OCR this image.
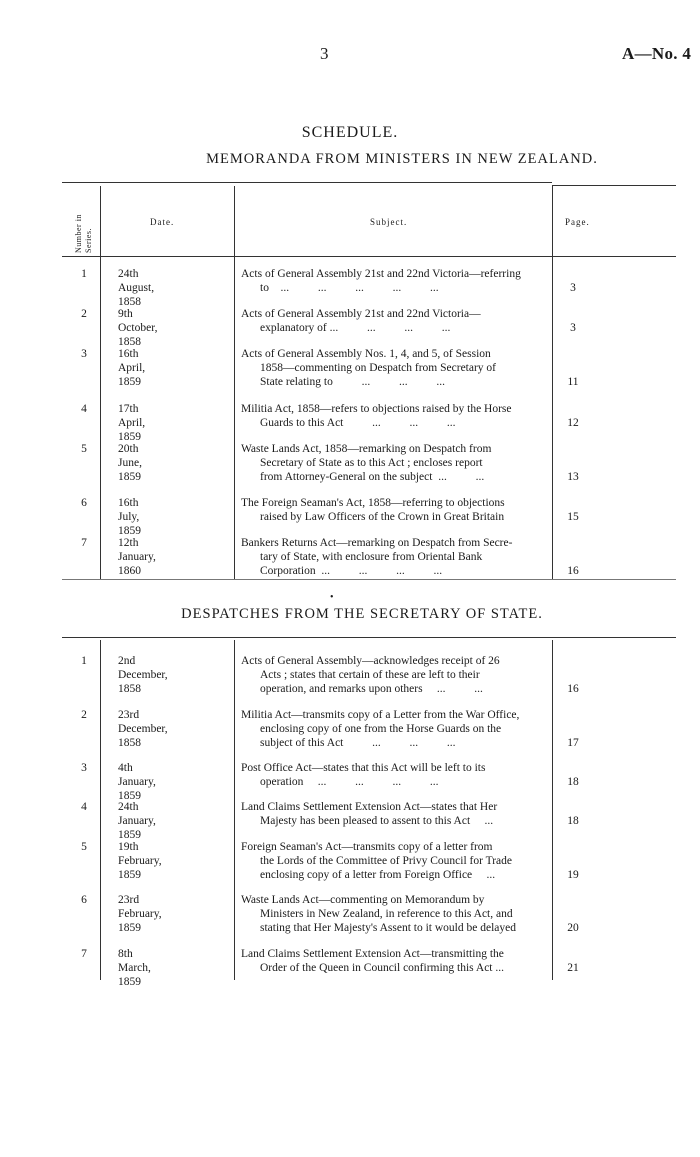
3	A—No. 4
SCHEDULE.
MEMORANDA FROM MINISTERS IN NEW ZEALAND.
Number in Series.
Date.	Subject.	Page.
1	24th August, 1858
Acts of General Assembly 21st and 22nd Victoria—referring
to    ...          ...          ...          ...          ...	3
2	9th October, 1858
Acts of General Assembly 21st and 22nd Victoria—
explanatory of ...          ...          ...          ...	3
3	16th April, 1859
Acts of General Assembly Nos. 1, 4, and 5, of Session
1858—commenting on Despatch from Secretary of
State relating to          ...          ...          ...	11
4	17th April, 1859
Militia Act, 1858—refers to objections raised by the Horse
Guards to this Act          ...          ...          ...	12
5	20th June, 1859
Waste Lands Act, 1858—remarking on Despatch from
Secretary of State as to this Act ; encloses report
from Attorney-General on the subject  ...          ...	13
6	16th July, 1859
The Foreign Seaman's Act, 1858—referring to objections
raised by Law Officers of the Crown in Great Britain	15
7	12th January, 1860
Bankers Returns Act—remarking on Despatch from Secre-
tary of State, with enclosure from Oriental Bank
Corporation  ...          ...          ...          ...	16
•
DESPATCHES FROM THE SECRETARY OF STATE.
1	2nd December, 1858
Acts of General Assembly—acknowledges receipt of 26
Acts ; states that certain of these are left to their
operation, and remarks upon others     ...          ...	16
2	23rd December, 1858
Militia Act—transmits copy of a Letter from the War Office,
enclosing copy of one from the Horse Guards on the
subject of this Act          ...          ...          ...	17
3	4th January, 1859
Post Office Act—states that this Act will be left to its
operation     ...          ...          ...          ...	18
4	24th January, 1859
Land Claims Settlement Extension Act—states that Her
Majesty has been pleased to assent to this Act     ...	18
5	19th February, 1859
Foreign Seaman's Act—transmits copy of a letter from
the Lords of the Committee of Privy Council for Trade
enclosing copy of a letter from Foreign Office     ...	19
6	23rd February, 1859
Waste Lands Act—commenting on Memorandum by
Ministers in New Zealand, in reference to this Act, and
stating that Her Majesty's Assent to it would be delayed	20
7	8th March, 1859
Land Claims Settlement Extension Act—transmitting the
Order of the Queen in Council confirming this Act ...	21
